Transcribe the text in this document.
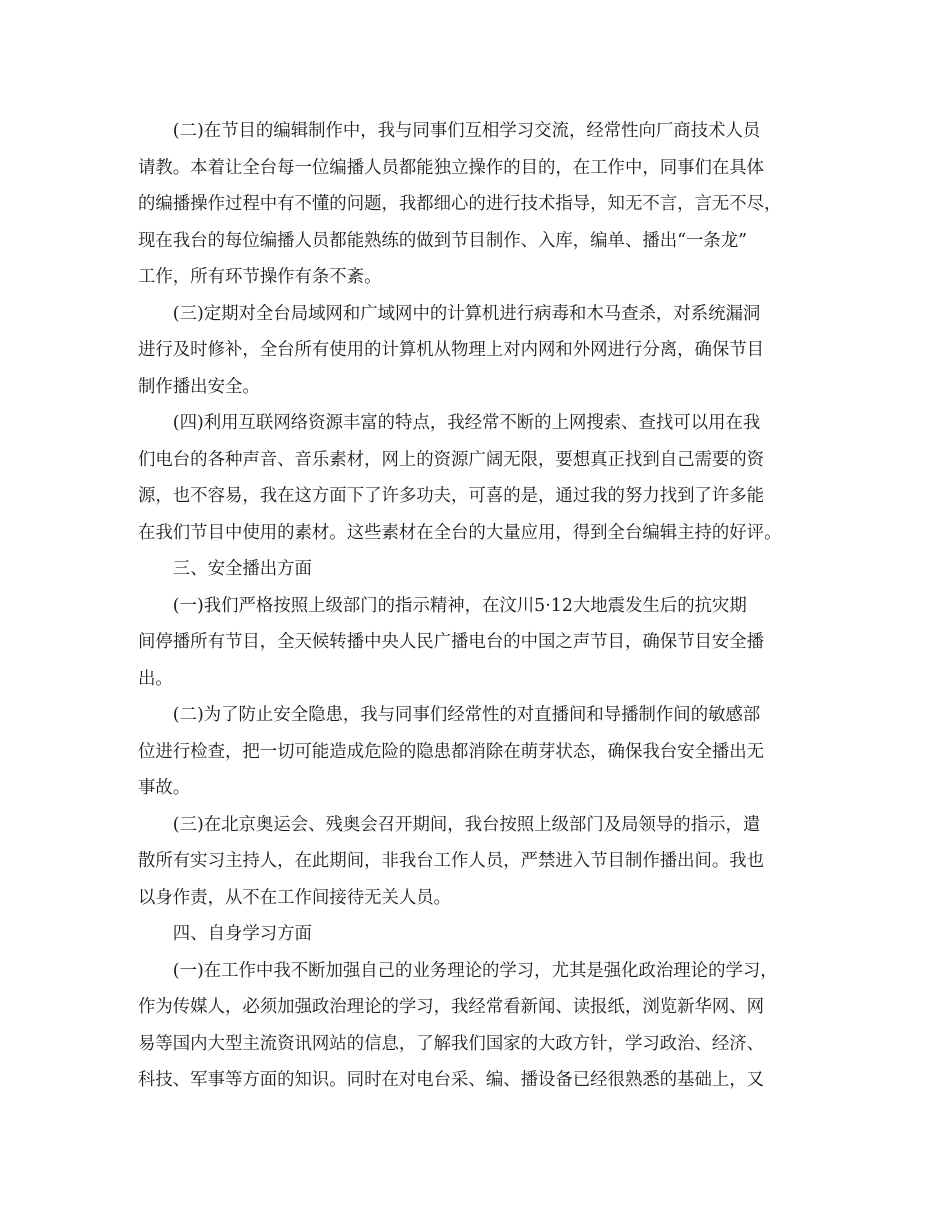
(二)在节目的编辑制作中，我与同事们互相学习交流，经常性向厂商技术人员
请教。本着让全台每一位编播人员都能独立操作的目的，在工作中，同事们在具体
的编播操作过程中有不懂的问题，我都细心的进行技术指导，知无不言，言无不尽，
现在我台的每位编播人员都能熟练的做到节目制作、入库，编单、播出“一条龙”
工作，所有环节操作有条不紊。

(三)定期对全台局域网和广域网中的计算机进行病毒和木马查杀，对系统漏洞
进行及时修补，全台所有使用的计算机从物理上对内网和外网进行分离，确保节目
制作播出安全。

(四)利用互联网络资源丰富的特点，我经常不断的上网搜索、查找可以用在我
们电台的各种声音、音乐素材，网上的资源广阔无限，要想真正找到自己需要的资
源，也不容易，我在这方面下了许多功夫，可喜的是，通过我的努力找到了许多能
在我们节目中使用的素材。这些素材在全台的大量应用，得到全台编辑主持的好评。

三、安全播出方面

(一)我们严格按照上级部门的指示精神，在汶川5·12大地震发生后的抗灾期
间停播所有节目，全天候转播中央人民广播电台的中国之声节目，确保节目安全播
出。

(二)为了防止安全隐患，我与同事们经常性的对直播间和导播制作间的敏感部
位进行检查，把一切可能造成危险的隐患都消除在萌芽状态，确保我台安全播出无
事故。

(三)在北京奥运会、残奥会召开期间，我台按照上级部门及局领导的指示，遣
散所有实习主持人，在此期间，非我台工作人员，严禁进入节目制作播出间。我也
以身作责，从不在工作间接待无关人员。

四、自身学习方面

(一)在工作中我不断加强自己的业务理论的学习，尤其是强化政治理论的学习，
作为传媒人，必须加强政治理论的学习，我经常看新闻、读报纸，浏览新华网、网
易等国内大型主流资讯网站的信息，了解我们国家的大政方针，学习政治、经济、
科技、军事等方面的知识。同时在对电台采、编、播设备已经很熟悉的基础上，又
